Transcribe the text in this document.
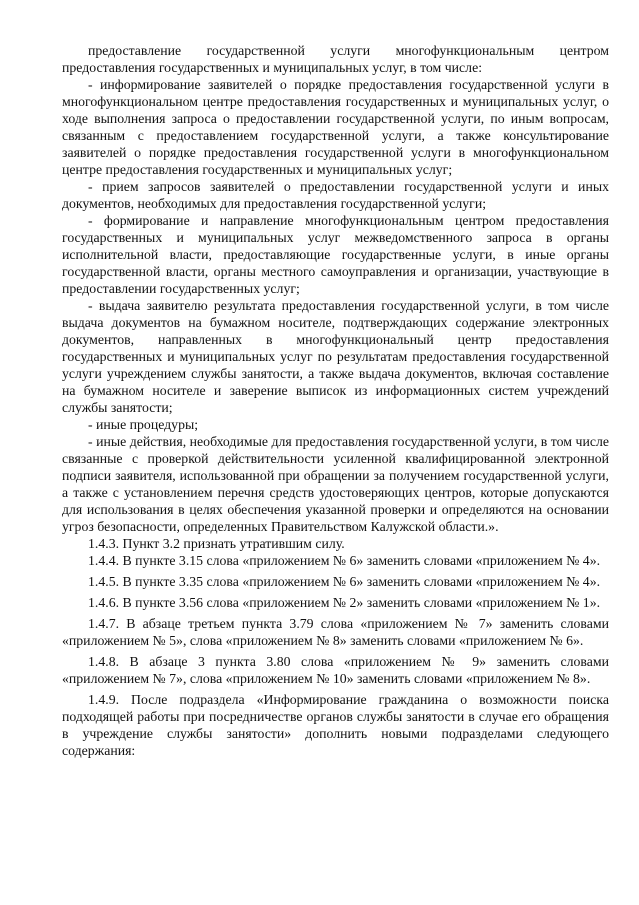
предоставление государственной услуги многофункциональным центром предоставления государственных и муниципальных услуг, в том числе:

- информирование заявителей о порядке предоставления государственной услуги в многофункциональном центре предоставления государственных и муниципальных услуг, о ходе выполнения запроса о предоставлении государственной услуги, по иным вопросам, связанным с предоставлением государственной услуги, а также консультирование заявителей о порядке предоставления государственной услуги в многофункциональном центре предоставления государственных и муниципальных услуг;

- прием запросов заявителей о предоставлении государственной услуги и иных документов, необходимых для предоставления государственной услуги;

- формирование и направление многофункциональным центром предоставления государственных и муниципальных услуг межведомственного запроса в органы исполнительной власти, предоставляющие государственные услуги, в иные органы государственной власти, органы местного самоуправления и организации, участвующие в предоставлении государственных услуг;

- выдача заявителю результата предоставления государственной услуги, в том числе выдача документов на бумажном носителе, подтверждающих содержание электронных документов, направленных в многофункциональный центр предоставления государственных и муниципальных услуг по результатам предоставления государственной услуги учреждением службы занятости, а также выдача документов, включая составление на бумажном носителе и заверение выписок из информационных систем учреждений службы занятости;

- иные процедуры;

- иные действия, необходимые для предоставления государственной услуги, в том числе связанные с проверкой действительности усиленной квалифицированной электронной подписи заявителя, использованной при обращении за получением государственной услуги, а также с установлением перечня средств удостоверяющих центров, которые допускаются для использования в целях обеспечения указанной проверки и определяются на основании угроз безопасности, определенных Правительством Калужской области.».

1.4.3. Пункт 3.2 признать утратившим силу.

1.4.4. В пункте 3.15 слова «приложением № 6» заменить словами «приложением № 4».

1.4.5. В пункте 3.35 слова «приложением № 6» заменить словами «приложением № 4».

1.4.6. В пункте 3.56 слова «приложением № 2» заменить словами «приложением № 1».

1.4.7. В абзаце третьем пункта 3.79 слова «приложением № 7» заменить словами «приложением № 5», слова «приложением № 8» заменить словами «приложением № 6».

1.4.8. В абзаце 3 пункта 3.80 слова «приложением № 9» заменить словами «приложением № 7», слова «приложением № 10» заменить словами «приложением № 8».

1.4.9. После подраздела «Информирование гражданина о возможности поиска подходящей работы при посредничестве органов службы занятости в случае его обращения в учреждение службы занятости» дополнить новыми подразделами следующего содержания:
